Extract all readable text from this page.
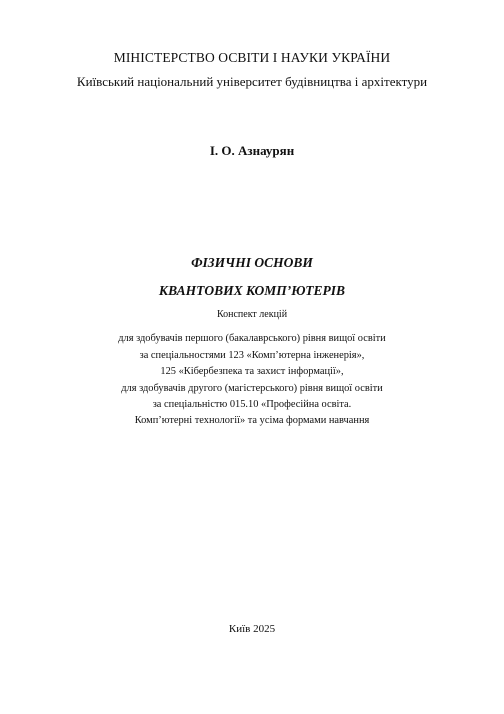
МІНІСТЕРСТВО ОСВІТИ І НАУКИ УКРАЇНИ
Київський національний університет будівництва і архітектури
І. О. Азнаурян
ФІЗИЧНІ ОСНОВИ
КВАНТОВИХ КОМП’ЮТЕРІВ
Конспект лекцій
для здобувачів першого (бакалаврського) рівня вищої освіти
за спеціальностями 123 «Комп’ютерна інженерія»,
125 «Кібербезпека та захист інформації»,
для здобувачів другого (магістерського) рівня вищої освіти
за спеціальністю 015.10 «Професійна освіта.
Комп’ютерні технології» та усіма формами навчання
Київ 2025
